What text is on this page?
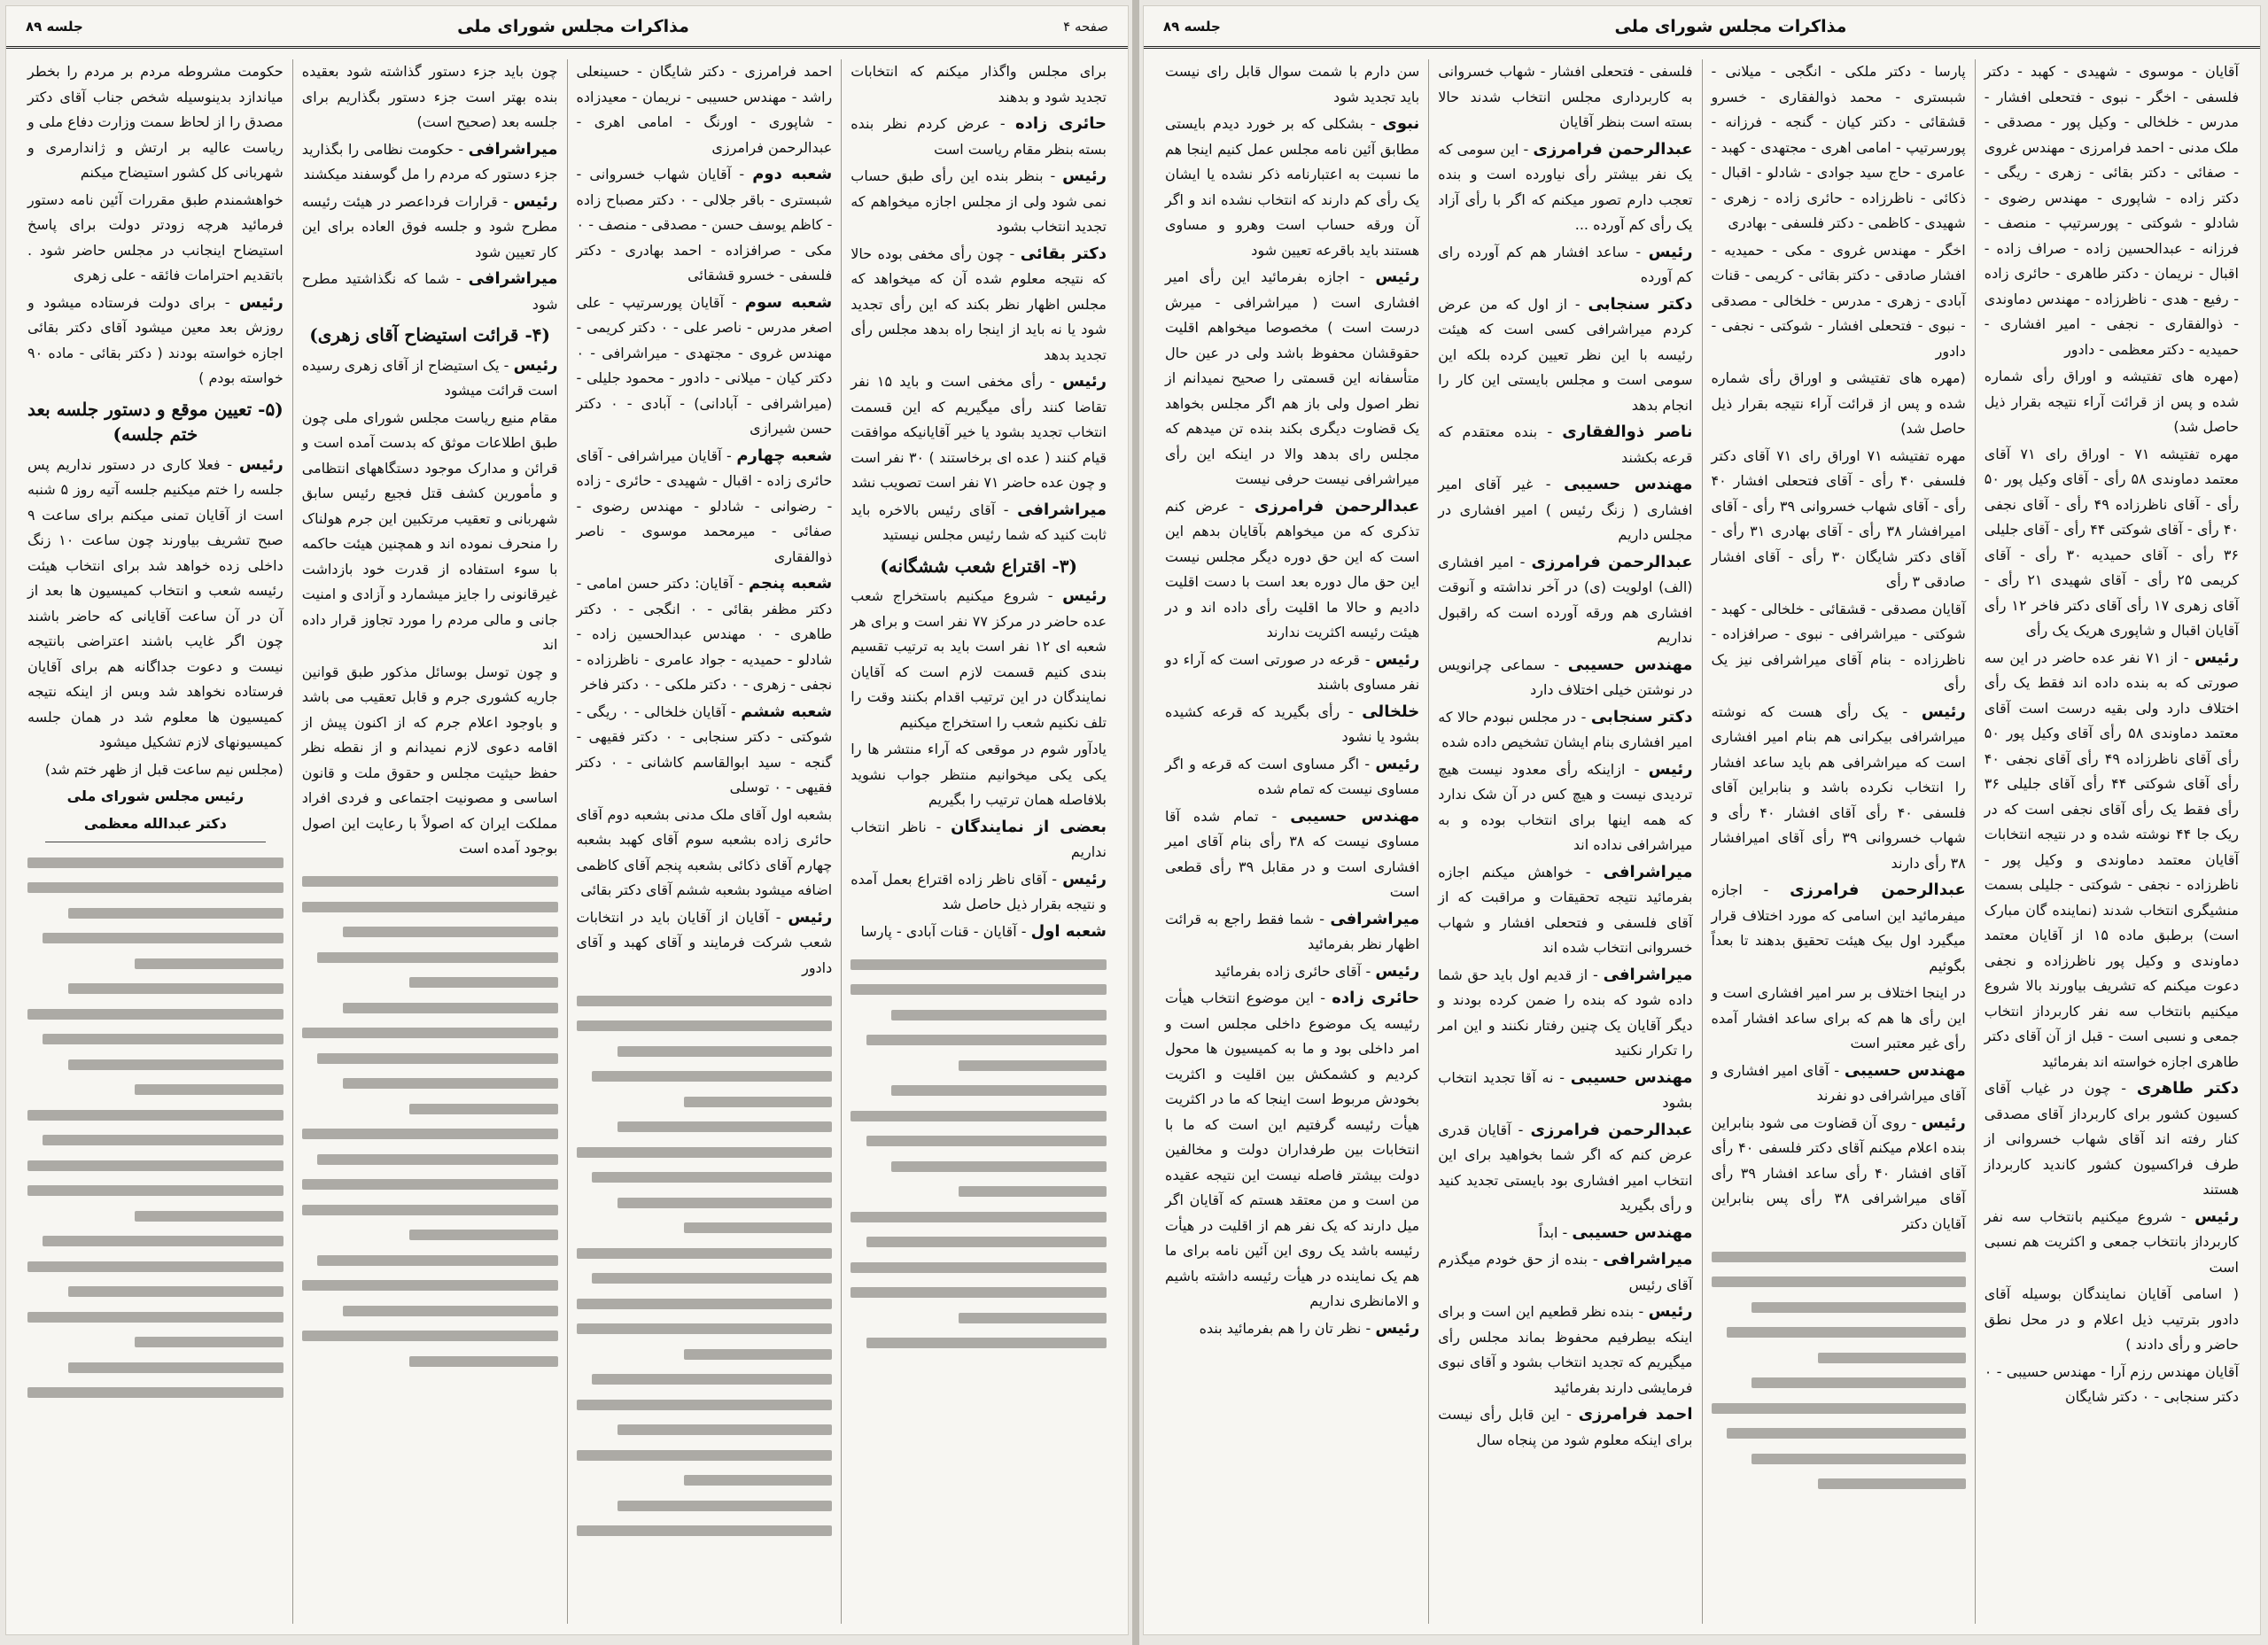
صفحه ۴
مذاکرات مجلس شورای ملی
جلسه ۸۹

برای مجلس واگذار میکنم که انتخابات تجدید شود و بدهند

حائری زاده - عرض کردم نظر بنده بسته بنظر مقام ریاست است

رئیس - بنظر بنده این رأی طبق حساب نمی شود ولی از مجلس اجازه میخواهم که تجدید انتخاب بشود

دکتر بقائی - چون رأی مخفی بوده حالا که نتیجه معلوم شده آن که میخواهد که مجلس اظهار نظر بکند که این رأی تجدید شود یا نه باید از اینجا راه بدهد مجلس رأی تجدید بدهد

رئیس - رأی مخفی است و باید ۱۵ نفر تقاضا کنند رأی میگیریم که این قسمت انتخاب تجدید بشود یا خیر آقایانیکه موافقت قیام کنند ( عده ای برخاستند ) ۳۰ نفر است و چون عده حاضر ۷۱ نفر است تصویب نشد

میراشرافی - آقای رئیس بالاخره باید ثابت کنید که شما رئیس مجلس نیستید

(۳- اقتراع شعب ششگانه)

رئیس - شروع میکنیم باستخراج شعب عده حاضر در مرکز ۷۷ نفر است و برای هر شعبه ای ۱۲ نفر است باید به ترتیب تقسیم بندی کنیم قسمت لازم است که آقایان نمایندگان در این ترتیب اقدام بکنند وقت را تلف نکنیم شعب را استخراج میکنیم

یادآور شوم در موقعی که آراء منتشر ها را یکی یکی میخوانیم منتظر جواب نشوید بلافاصله همان ترتیب را بگیریم

بعضی از نمایندگان - ناظر انتخاب نداریم

رئیس - آقای ناظر زاده اقتراع بعمل آمده و نتیجه بقرار ذیل حاصل شد

شعبه اول - آقایان - قنات آبادی - پارسا

احمد فرامرزی - دکتر شایگان - حسینعلی راشد - مهندس حسیبی - نریمان - معیدزاده - شاپوری - اورنگ - امامی اهری - عبدالرحمن فرامرزی

شعبه دوم - آقایان شهاب خسروانی - شبستری - باقر جلالی - ۰ دکتر مصباح زاده - کاظم یوسف حسن - مصدقی - منصف - ۰ مکی - صرافزاده - احمد بهادری - دکتر فلسفی - خسرو قشقائی

شعبه سوم - آقایان پورسرتیپ - علی اصغر مدرس - ناصر علی - ۰ دکتر کریمی - مهندس غروی - مجتهدی - میراشرافی - ۰ دکتر کیان - میلانی - دادور - محمود جلیلی - (میراشرافی - آبادانی) - آبادی - ۰ دکتر حسن شیرازی

شعبه چهارم - آقایان میراشرافی - آقای حائری زاده - اقبال - شهیدی - حائری - زاده - رضوانی - شادلو - مهندس رضوی - صفائی - میرمحمد موسوی - ناصر ذوالفقاری

شعبه پنجم - آقایان: دکتر حسن امامی - دکتر مظفر بقائی - ۰ انگجی - ۰ دکتر طاهری - ۰ مهندس عبدالحسین زاده - شادلو - حمیدیه - جواد عامری - ناظرزاده - نجفی - زهری - ۰ دکتر ملکی - ۰ دکتر فاخر

شعبه ششم - آقایان خلخالی - ۰ ریگی - شوکتی - دکتر سنجابی - ۰ دکتر فقیهی - گنجه - سید ابوالقاسم کاشانی - ۰ دکتر فقیهی - ۰ توسلی

بشعبه اول آقای ملک مدنی بشعبه دوم آقای حائری زاده بشعبه سوم آقای کهبد بشعبه چهارم آقای ذکائی بشعبه پنجم آقای کاظمی اضافه میشود بشعبه ششم آقای دکتر بقائی

رئیس - آقایان از آقایان باید در انتخابات شعب شرکت فرمایند و آقای کهبد و آقای دادور

چون باید جزء دستور گذاشته شود بعقیده بنده بهتر است جزء دستور بگذاریم برای جلسه بعد (صحیح است)

میراشرافی - حکومت نظامی را بگذارید جزء دستور که مردم را مل گوسفند میکشند

رئیس - قرارات فرداعصر در هیئت رئیسه مطرح شود و جلسه فوق العاده برای این کار تعیین شود

میراشرافی - شما که نگذاشتید مطرح شود

(۴- قرائت استیضاح آقای زهری)

رئیس - یک استیضاح از آقای زهری رسیده است قرائت میشود

مقام منیع ریاست مجلس شورای ملی چون طبق اطلاعات موثق که بدست آمده است و قرائن و مدارک موجود دستگاههای انتظامی و مأمورین کشف قتل فجیع رئیس سابق شهربانی و تعقیب مرتکبین این جرم هولناک را منحرف نموده اند و همچنین هیئت حاکمه با سوء استفاده از قدرت خود بازداشت غیرقانونی را جایز میشمارد و آزادی و امنیت جانی و مالی مردم را مورد تجاوز قرار داده اند

و چون توسل بوسائل مذکور طبق قوانین جاریه کشوری جرم و قابل تعقیب می باشد و باوجود اعلام جرم که از اکنون پیش از اقامه دعوی لازم نمیدانم و از نقطه نظر حفظ حیثیت مجلس و حقوق ملت و قانون اساسی و مصونیت اجتماعی و فردی افراد مملکت ایران که اصولاً با رعایت این اصول بوجود آمده است

حکومت مشروطه مردم بر مردم را بخطر میاندازد بدینوسیله شخص جناب آقای دکتر مصدق را از لحاظ سمت وزارت دفاع ملی و ریاست عالیه بر ارتش و ژاندارمری و شهربانی کل کشور استیضاح میکنم

خواهشمندم طبق مقررات آئین نامه دستور فرمائید هرچه زودتر دولت برای پاسخ استیضاح اینجانب در مجلس حاضر شود . باتقدیم احترامات فائقه - علی زهری

رئیس - برای دولت فرستاده میشود و روزش بعد معین میشود آقای دکتر بقائی اجازه خواسته بودند ( دکتر بقائی - ماده ۹۰ خواسته بودم )

(۵- تعیین موقع و دستور جلسه بعد ختم جلسه)

رئیس - فعلا کاری در دستور نداریم پس جلسه را ختم میکنیم جلسه آتیه روز ۵ شنبه است از آقایان تمنی میکنم برای ساعت ۹ صبح تشریف بیاورند چون ساعت ۱۰ زنگ داخلی زده خواهد شد برای انتخاب هیئت رئیسه شعب و انتخاب کمیسیون ها بعد از آن در آن ساعت آقایانی که حاضر باشند چون اگر غایب باشند اعتراضی بانتیجه نیست و دعوت جداگانه هم برای آقایان فرستاده نخواهد شد وبس از اینکه نتیجه کمیسیون ها معلوم شد در همان جلسه کمیسیونهای لازم تشکیل میشود

(مجلس نیم ساعت قبل از ظهر ختم شد)

رئیس مجلس شورای ملی

دکتر عبدالله معظمی

مذاکرات مجلس شورای ملی
جلسه ۸۹

آقایان - موسوی - شهیدی - کهبد - دکتر فلسفی - اخگر - نبوی - فتحعلی افشار - مدرس - خلخالی - وکیل پور - مصدقی - ملک مدنی - احمد فرامرزی - مهندس غروی - صفائی - دکتر بقائی - زهری - ریگی - دکتر زاده - شاپوری - مهندس رضوی - شادلو - شوکتی - پورسرتیپ - منصف - فرزانه - عبدالحسین زاده - صراف زاده - اقبال - نریمان - دکتر طاهری - حائری زاده - رفیع - هدی - ناظرزاده - مهندس دماوندی - ذوالفقاری - نجفی - امیر افشاری - حمیدیه - دکتر معظمی - دادور

(مهره های تفتیشه و اوراق رأی شماره شده و پس از قرائت آراء نتیجه بقرار ذیل حاصل شد)

مهره تفتیشه ۷۱ - اوراق رای ۷۱ آقای معتمد دماوندی ۵۸ رأی - آقای وکیل پور ۵۰ رأی - آقای ناظرزاده ۴۹ رأی - آقای نجفی ۴۰ رأی - آقای شوکتی ۴۴ رأی - آقای جلیلی ۳۶ رأی - آقای حمیدیه ۳۰ رأی - آقای کریمی ۲۵ رأی - آقای شهیدی ۲۱ رأی - آقای زهری ۱۷ رأی آقای دکتر فاخر ۱۲ رأی آقایان اقبال و شاپوری هریک یک رأی

رئیس - از ۷۱ نفر عده حاضر در این سه صورتی که به بنده داده اند فقط یک رأی اختلاف دارد ولی بقیه درست است آقای معتمد دماوندی ۵۸ رأی آقای وکیل پور ۵۰ رأی آقای ناظرزاده ۴۹ رأی آقای نجفی ۴۰ رأی آقای شوکتی ۴۴ رأی آقای جلیلی ۳۶ رأی فقط یک رأی آقای نجفی است که در ریک جا ۴۴ نوشته شده و در نتیجه انتخابات آقایان معتمد دماوندی و وکیل پور - ناظرزاده - نجفی - شوکتی - جلیلی بسمت منشیگری انتخاب شدند (نماینده گان مبارک است) برطبق ماده ۱۵ از آقایان معتمد دماوندی و وکیل پور ناظرزاده و نجفی دعوت میکنم که تشریف بیاورند بالا شروع میکنیم بانتخاب سه نفر کاربرداز انتخاب جمعی و نسبی است - قبل از آن آقای دکتر طاهری اجازه خواسته اند بفرمائید

دکتر طاهری - چون در غیاب آقای کسیون کشور برای کاربرداز آقای مصدقی کنار رفته اند آقای شهاب خسروانی از طرف فراکسیون کشور کاندید کاربرداز هستند

رئیس - شروع میکنیم بانتخاب سه نفر کاربرداز بانتخاب جمعی و اکثریت هم نسبی است

( اسامی آقایان نمایندگان بوسیله آقای دادور بترتیب ذیل اعلام و در محل نطق حاضر و رأی دادند )

آقایان مهندس رزم آرا - مهندس حسیبی - ۰ دکتر سنجابی - ۰ دکتر شایگان

پارسا - دکتر ملکی - انگجی - میلانی - شبستری - محمد ذوالفقاری - خسرو قشقائی - دکتر کیان - گنجه - فرزانه - پورسرتیپ - امامی اهری - مجتهدی - کهبد - عامری - حاج سید جوادی - شادلو - اقبال - ذکائی - ناظرزاده - حائری زاده - زهری - شهیدی - کاظمی - دکتر فلسفی - بهادری

اخگر - مهندس غروی - مکی - حمیدیه - افشار صادقی - دکتر بقائی - کریمی - قنات آبادی - زهری - مدرس - خلخالی - مصدقی - نبوی - فتحعلی افشار - شوکتی - نجفی - دادور

(مهره های تفتیشی و اوراق رأی شماره شده و پس از قرائت آراء نتیجه بقرار ذیل حاصل شد)

مهره تفتیشه ۷۱ اوراق رای ۷۱ آقای دکتر فلسفی ۴۰ رأی - آقای فتحعلی افشار ۴۰ رأی - آقای شهاب خسروانی ۳۹ رأی - آقای امیرافشار ۳۸ رأی - آقای بهادری ۳۱ رأی - آقای دکتر شایگان ۳۰ رأی - آقای افشار صادقی ۳ رأی

آقایان مصدقی - قشقائی - خلخالی - کهبد - شوکتی - میراشرافی - نبوی - صرافزاده - ناظرزاده - بنام آقای میراشرافی نیز یک رأی

رئیس - یک رأی هست که نوشته میراشرافی بیکرانی هم بنام امیر افشاری است که میراشرافی هم باید ساعد افشار را انتخاب نکرده باشد و بنابراین آقای فلسفی ۴۰ رأی آقای افشار ۴۰ رأی و شهاب خسروانی ۳۹ رأی آقای امیرافشار ۳۸ رأی دارند

عبدالرحمن فرامرزی - اجازه میفرمائید این اسامی که مورد اختلاف قرار میگیرد اول بیک هیئت تحقیق بدهند تا بعداً بگوئیم

در اینجا اختلاف بر سر امیر افشاری است و این رأی ها هم که برای ساعد افشار آمده رأی غیر معتبر است

مهندس حسیبی - آقای امیر افشاری و آقای میراشرافی دو نفرند

رئیس - روی آن قضاوت می شود بنابراین بنده اعلام میکنم آقای دکتر فلسفی ۴۰ رأی آقای افشار ۴۰ رأی ساعد افشار ۳۹ رأی آقای میراشرافی ۳۸ رأی پس بنابراین آقایان دکتر

فلسفی - فتحعلی افشار - شهاب خسروانی به کاربرداری مجلس انتخاب شدند حالا بسته است بنظر آقایان

عبدالرحمن فرامرزی - این سومی که یک نفر بیشتر رأی نیاورده است و بنده تعجب دارم تصور میکنم که اگر با رأی آزاد یک رأی کم آورده ...

رئیس - ساعد افشار هم کم آورده رای کم آورده

دکتر سنجابی - از اول که من عرض کردم میراشرافی کسی است که هیئت رئیسه با این نظر تعیین کرده بلکه این سومی است و مجلس بایستی این کار را انجام بدهد

ناصر ذوالفقاری - بنده معتقدم که قرعه بکشند

مهندس حسیبی - غیر آقای امیر افشاری ( زنگ رئیس ) امیر افشاری در مجلس داریم

عبدالرحمن فرامرزی - امیر افشاری (الف) اولویت (ی) در آخر نداشته و آنوقت افشاری هم ورقه آورده است که راقبول نداریم

مهندس حسیبی - سماعی چرانویس در نوشتن خیلی اختلاف دارد

دکتر سنجابی - در مجلس نبودم حالا که امیر افشاری بنام ایشان تشخیص داده شده

رئیس - ازاینکه رأی معدود نیست هیچ تردیدی نیست و هیچ کس در آن شک ندارد که همه اینها برای انتخاب بوده و به میراشرافی نداده اند

میراشرافی - خواهش میکنم اجازه بفرمائید نتیجه تحقیقات و مراقبت که از آقای فلسفی و فتحعلی افشار و شهاب خسروانی انتخاب شده اند

میراشرافی - از قدیم اول باید حق شما داده شود که بنده را ضمن کرده بودند و دیگر آقایان یک چنین رفتار نکنند و این امر را تکرار نکنید

مهندس حسیبی - نه آقا تجدید انتخاب بشود

عبدالرحمن فرامرزی - آقایان قدری عرض کنم که اگر شما بخواهید برای این انتخاب امیر افشاری بود بایستی تجدید کنید و رأی بگیرید

مهندس حسیبی - ابداً

میراشرافی - بنده از حق خودم میگذرم آقای رئیس

رئیس - بنده نظر قطعیم این است و برای اینکه بیطرفیم محفوظ بماند مجلس رأی میگیریم که تجدید انتخاب بشود و آقای نبوی فرمایشی دارند بفرمائید

احمد فرامرزی - این قابل رأی نیست برای اینکه معلوم شود من پنجاه سال

سن دارم با شمت سوال قابل رای نیست باید تجدید شود

نبوی - بشکلی که بر خورد دیدم بایستی مطابق آئین نامه مجلس عمل کنیم اینجا هم ما نسبت به اعتبارنامه ذکر نشده یا ایشان یک رأی کم دارند که انتخاب نشده اند و اگر آن ورقه حساب است وهرو و مساوی هستند باید باقرعه تعیین شود

رئیس - اجازه بفرمائید این رأی امیر افشاری است ( میراشرافی - میرش درست است ) مخصوصا میخواهم اقلیت حقوقشان محفوظ باشد ولی در عین حال متأسفانه این قسمتی را صحیح نمیدانم از نظر اصول ولی باز هم اگر مجلس بخواهد یک قضاوت دیگری بکند بنده تن میدهم که مجلس رای بدهد والا در اینکه این رأی میراشرافی نیست حرفی نیست

عبدالرحمن فرامرزی - عرض کنم تذکری که من میخواهم بآقایان بدهم این است که این حق دوره دیگر مجلس نیست این حق مال دوره بعد است با دست اقلیت دادیم و حالا ما اقلیت رأی داده اند و در هیئت رئیسه اکثریت ندارند

رئیس - قرعه در صورتی است که آراء دو نفر مساوی باشند

خلخالی - رأی بگیرید که قرعه کشیده بشود یا نشود

رئیس - اگر مساوی است که قرعه و اگر مساوی نیست که تمام شده

مهندس حسیبی - تمام شده آقا مساوی نیست که ۳۸ رأی بنام آقای امیر افشاری است و در مقابل ۳۹ رأی قطعی است

میراشرافی - شما فقط راجع به قرائت اظهار نظر بفرمائید

رئیس - آقای حائری زاده بفرمائید

حائری زاده - این موضوع انتخاب هیأت رئیسه یک موضوع داخلی مجلس است و امر داخلی بود و ما به کمیسیون ها محول کردیم و کشمکش بین اقلیت و اکثریت بخودش مربوط است اینجا که ما در اکثریت هیأت رئیسه گرفتیم این است که ما با انتخابات بین طرفداران دولت و مخالفین دولت بیشتر فاصله نیست این نتیجه عقیده من است و من معتقد هستم که آقایان اگر میل دارند که یک نفر هم از اقلیت در هیأت رئیسه باشد یک روی این آئین نامه برای ما هم یک نماینده در هیأت رئیسه داشته باشیم و الامانظری نداریم

رئیس - نظر تان را هم بفرمائید بنده
